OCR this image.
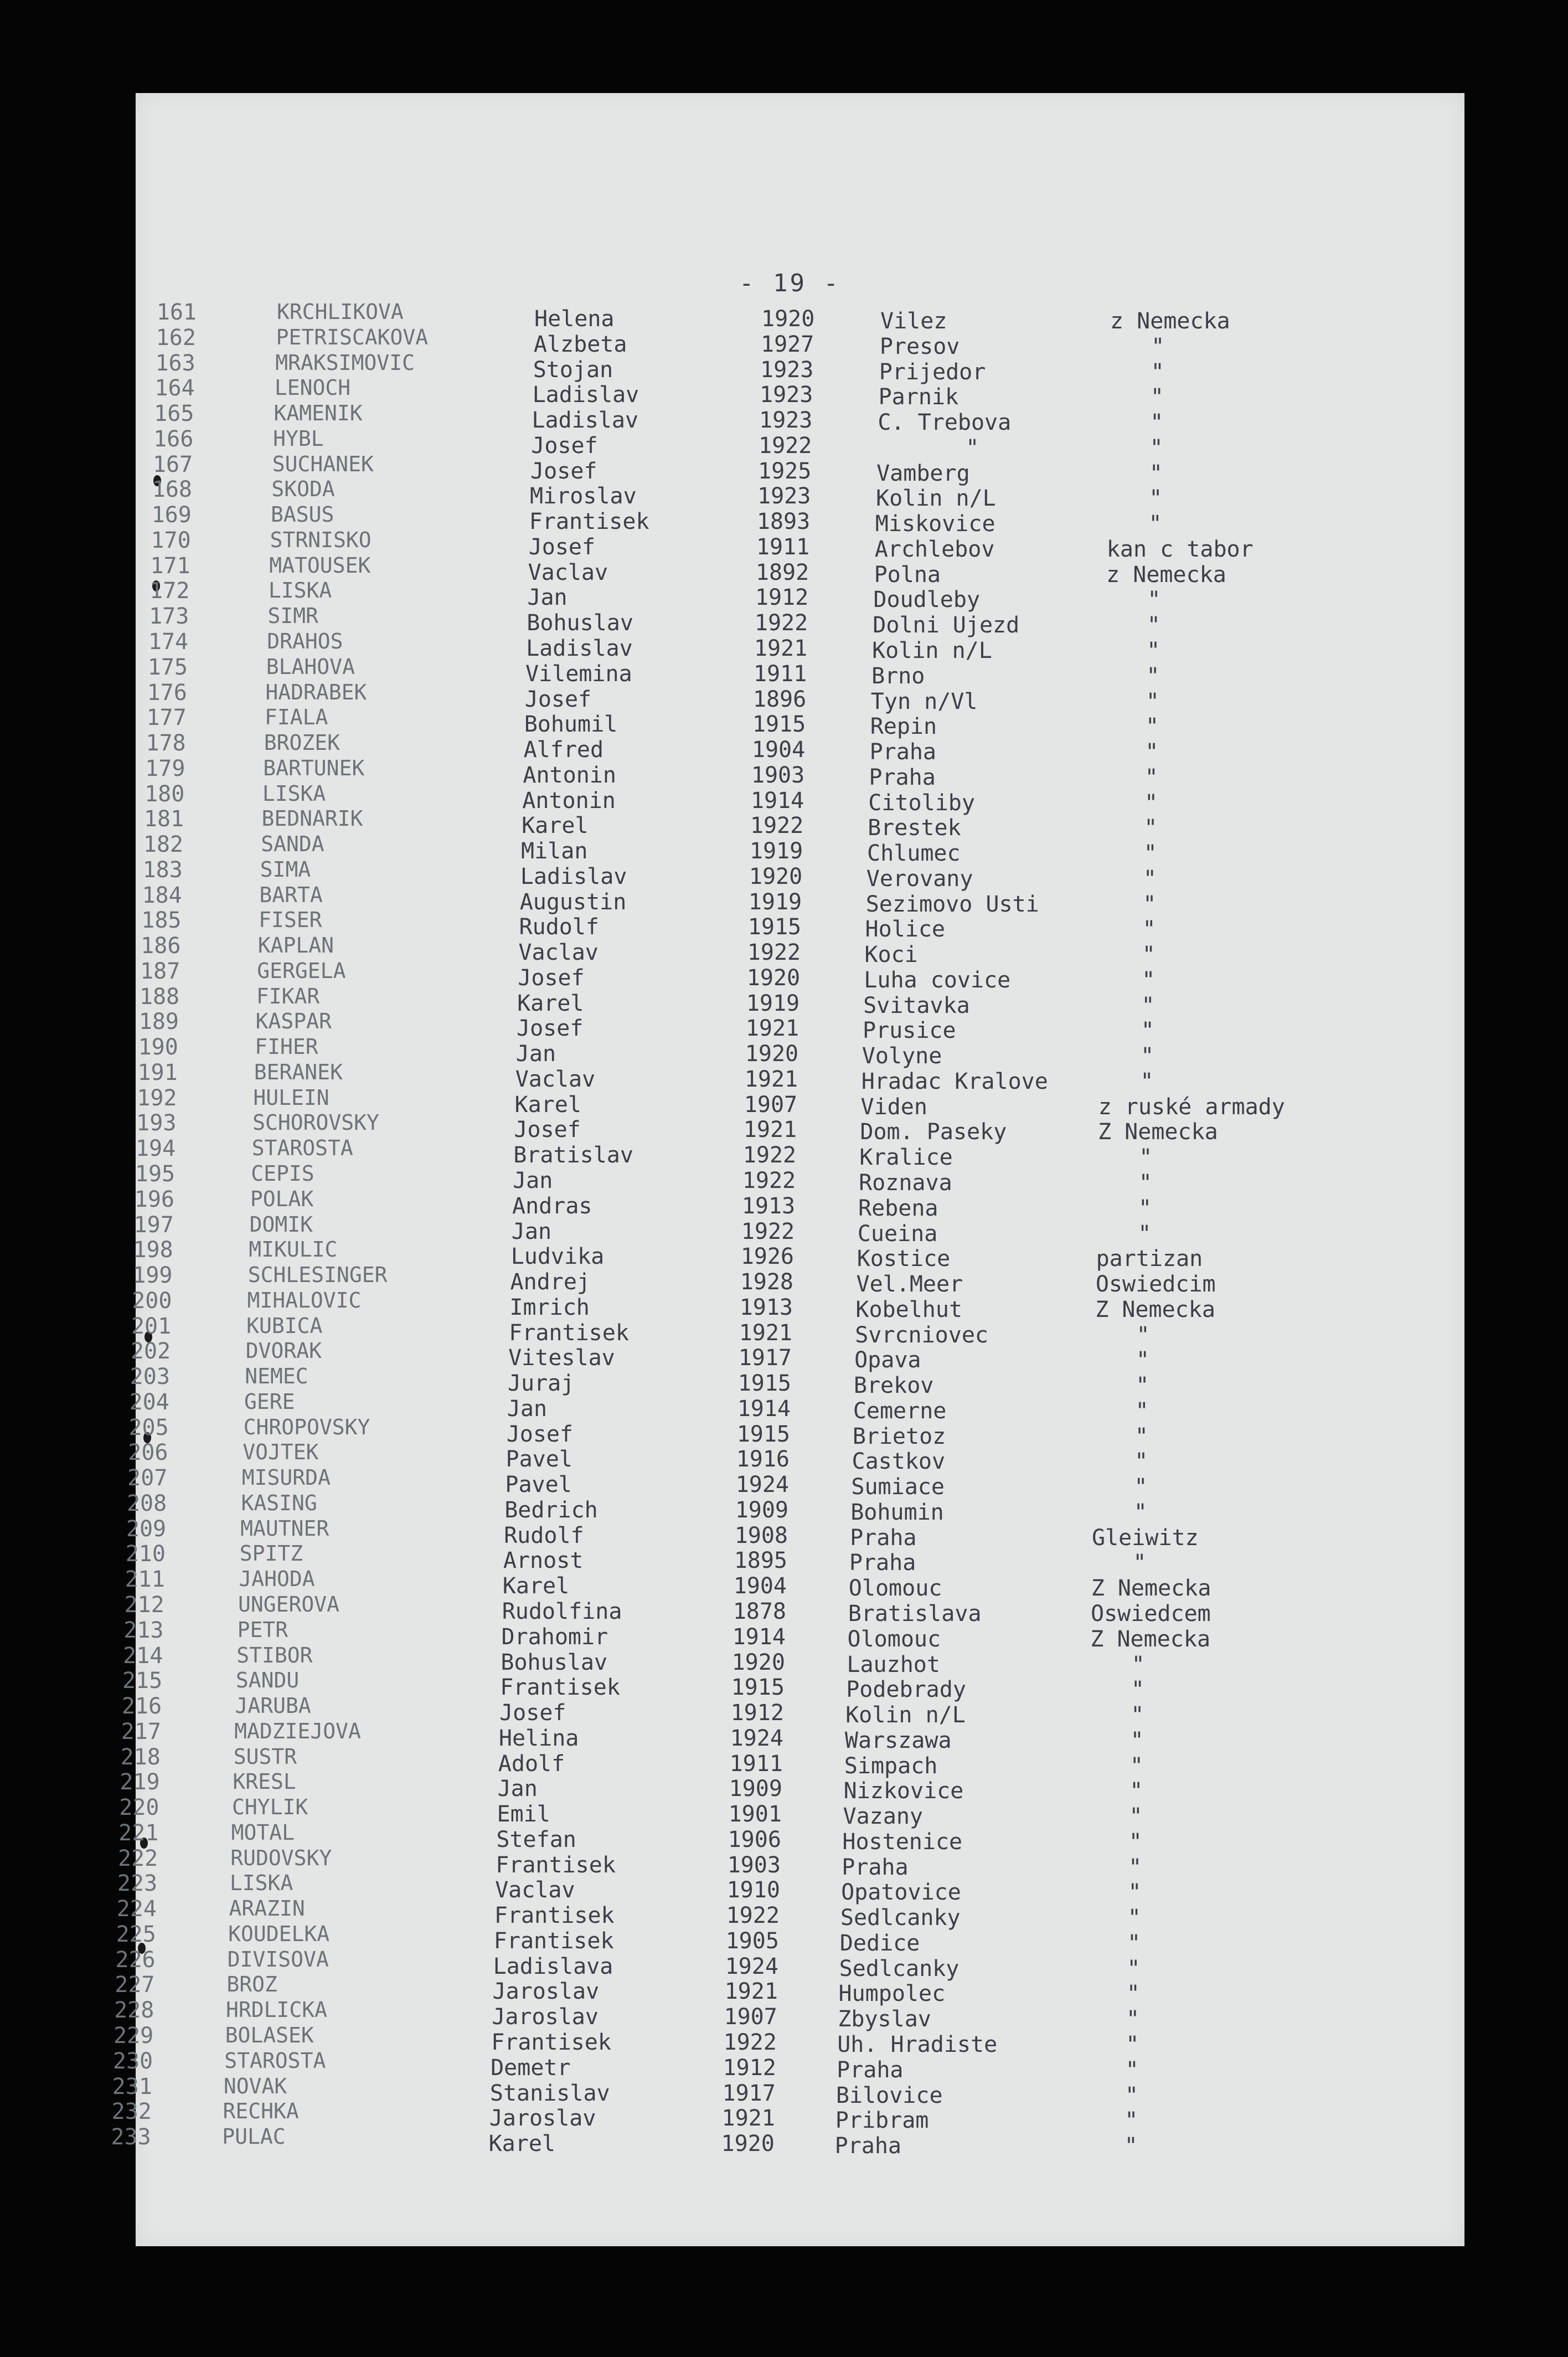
- 19 -
161	KRCHLIKOVA	Helena	1920	Vilez	z Nemecka
162	PETRISCAKOVA	Alzbeta	1927	Presov	"
163	MRAKSIMOVIC	Stojan	1923	Prijedor	"
164	LENOCH	Ladislav	1923	Parnik	"
165	KAMENIK	Ladislav	1923	C. Trebova	"
166	HYBL	Josef	1922	"	"
167	SUCHANEK	Josef	1925	Vamberg	"
168	SKODA	Miroslav	1923	Kolin n/L	"
169	BASUS	Frantisek	1893	Miskovice	"
170	STRNISKO	Josef	1911	Archlebov	kan c tabor
171	MATOUSEK	Vaclav	1892	Polna	z Nemecka
172	LISKA	Jan	1912	Doudleby	"
173	SIMR	Bohuslav	1922	Dolni Ujezd	"
174	DRAHOS	Ladislav	1921	Kolin n/L	"
175	BLAHOVA	Vilemina	1911	Brno	"
176	HADRABEK	Josef	1896	Tyn n/Vl	"
177	FIALA	Bohumil	1915	Repin	"
178	BROZEK	Alfred	1904	Praha	"
179	BARTUNEK	Antonin	1903	Praha	"
180	LISKA	Antonin	1914	Citoliby	"
181	BEDNARIK	Karel	1922	Brestek	"
182	SANDA	Milan	1919	Chlumec	"
183	SIMA	Ladislav	1920	Verovany	"
184	BARTA	Augustin	1919	Sezimovo Usti	"
185	FISER	Rudolf	1915	Holice	"
186	KAPLAN	Vaclav	1922	Koci	"
187	GERGELA	Josef	1920	Luha covice	"
188	FIKAR	Karel	1919	Svitavka	"
189	KASPAR	Josef	1921	Prusice	"
190	FIHER	Jan	1920	Volyne	"
191	BERANEK	Vaclav	1921	Hradac Kralove	"
192	HULEIN	Karel	1907	Viden	z ruské armady
193	SCHOROVSKY	Josef	1921	Dom. Paseky	Z Nemecka
194	STAROSTA	Bratislav	1922	Kralice	"
195	CEPIS	Jan	1922	Roznava	"
196	POLAK	Andras	1913	Rebena	"
197	DOMIK	Jan	1922	Cueina	"
198	MIKULIC	Ludvika	1926	Kostice	partizan
199	SCHLESINGER	Andrej	1928	Vel.Meer	Oswiedcim
200	MIHALOVIC	Imrich	1913	Kobelhut	Z Nemecka
201	KUBICA	Frantisek	1921	Svrcniovec	"
202	DVORAK	Viteslav	1917	Opava	"
203	NEMEC	Juraj	1915	Brekov	"
204	GERE	Jan	1914	Cemerne	"
205	CHROPOVSKY	Josef	1915	Brietoz	"
206	VOJTEK	Pavel	1916	Castkov	"
207	MISURDA	Pavel	1924	Sumiace	"
208	KASING	Bedrich	1909	Bohumin	"
209	MAUTNER	Rudolf	1908	Praha	Gleiwitz
210	SPITZ	Arnost	1895	Praha	"
211	JAHODA	Karel	1904	Olomouc	Z Nemecka
212	UNGEROVA	Rudolfina	1878	Bratislava	Oswiedcem
213	PETR	Drahomir	1914	Olomouc	Z Nemecka
214	STIBOR	Bohuslav	1920	Lauzhot	"
215	SANDU	Frantisek	1915	Podebrady	"
216	JARUBA	Josef	1912	Kolin n/L	"
217	MADZIEJOVA	Helina	1924	Warszawa	"
218	SUSTR	Adolf	1911	Simpach	"
219	KRESL	Jan	1909	Nizkovice	"
220	CHYLIK	Emil	1901	Vazany	"
221	MOTAL	Stefan	1906	Hostenice	"
222	RUDOVSKY	Frantisek	1903	Praha	"
223	LISKA	Vaclav	1910	Opatovice	"
224	ARAZIN	Frantisek	1922	Sedlcanky	"
225	KOUDELKA	Frantisek	1905	Dedice	"
226	DIVISOVA	Ladislava	1924	Sedlcanky	"
227	BROZ	Jaroslav	1921	Humpolec	"
228	HRDLICKA	Jaroslav	1907	Zbyslav	"
229	BOLASEK	Frantisek	1922	Uh. Hradiste	"
230	STAROSTA	Demetr	1912	Praha	"
231	NOVAK	Stanislav	1917	Bilovice	"
232	RECHKA	Jaroslav	1921	Pribram	"
233	PULAC	Karel	1920	Praha	"
